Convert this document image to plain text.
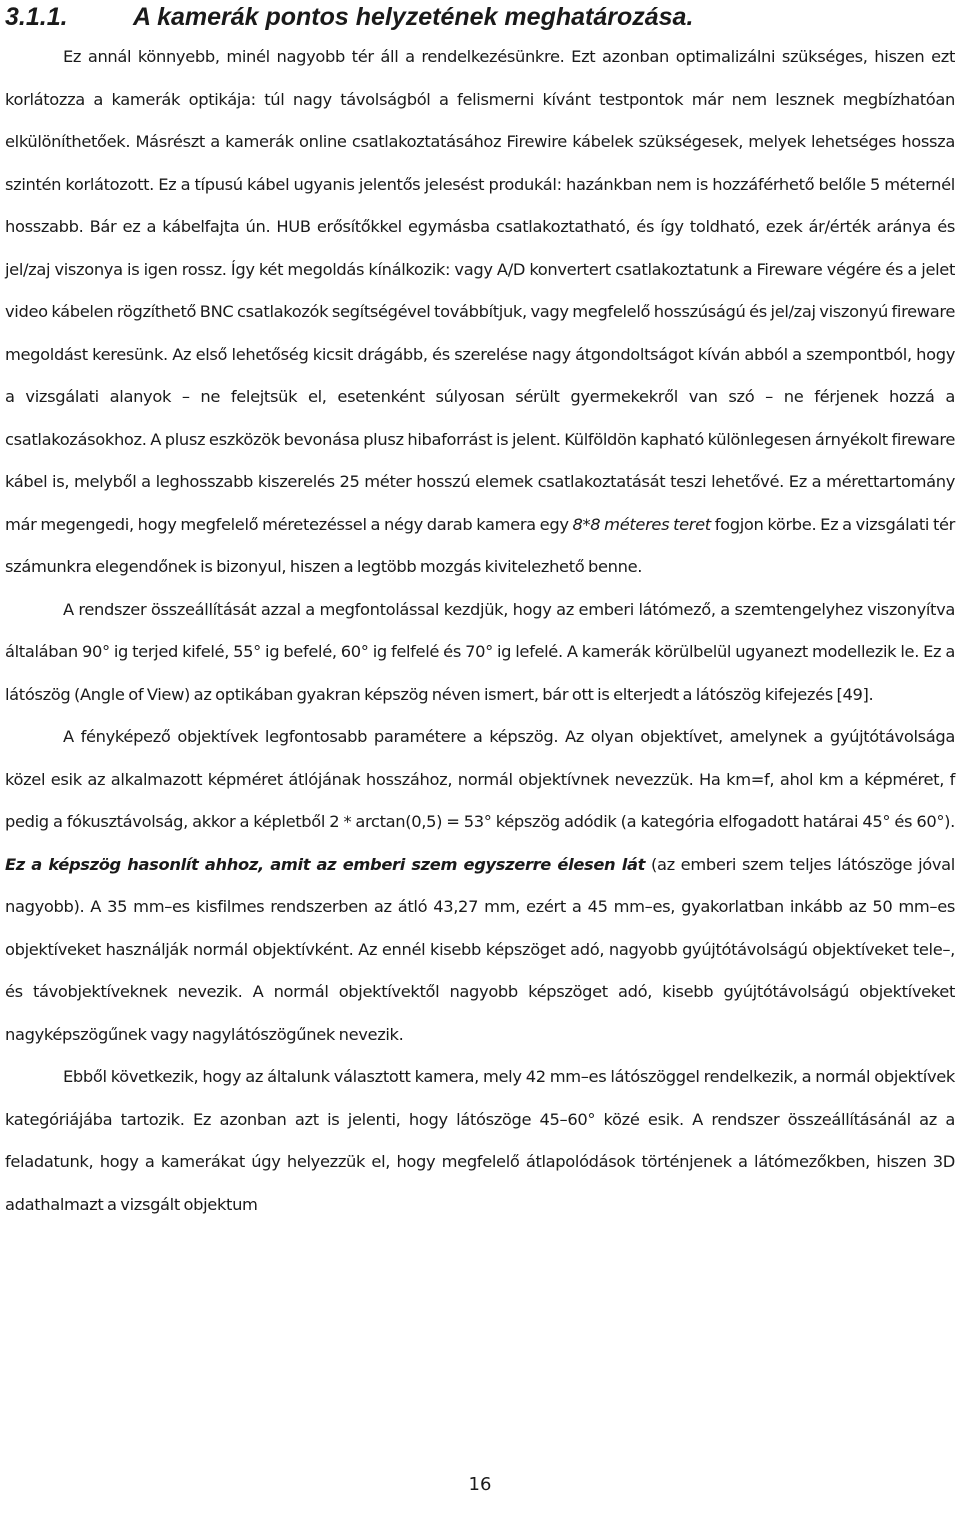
3.1.1.	A kamerák pontos helyzetének meghatározása.

Ez annál könnyebb, minél nagyobb tér áll a rendelkezésünkre. Ezt azonban optimalizálni szükséges, hiszen ezt korlátozza a kamerák optikája: túl nagy távolságból a felismerni kívánt testpontok már nem lesznek megbízhatóan elkülöníthetőek. Másrészt a kamerák online csatlakoztatásához Firewire kábelek szükségesek, melyek lehetséges hossza szintén korlátozott. Ez a típusú kábel ugyanis jelentős jelesést produkál: hazánkban nem is hozzáférhető belőle 5 méternél hosszabb. Bár ez a kábelfajta ún. HUB erősítőkkel egymásba csatlakoztatható, és így toldható, ezek ár/érték aránya és jel/zaj viszonya is igen rossz. Így két megoldás kínálkozik: vagy A/D konvertert csatlakoztatunk a Fireware végére és a jelet video kábelen rögzíthető BNC csatlakozók segítségével továbbítjuk, vagy megfelelő hosszúságú és jel/zaj viszonyú fireware megoldást keresünk. Az első lehetőség kicsit drágább, és szerelése nagy átgondoltságot kíván abból a szempontból, hogy a vizsgálati alanyok – ne felejtsük el, esetenként súlyosan sérült gyermekekről van szó – ne férjenek hozzá a csatlakozásokhoz. A plusz eszközök bevonása plusz hibaforrást is jelent. Külföldön kapható különlegesen árnyékolt fireware kábel is, melyből a leghosszabb kiszerelés 25 méter hosszú elemek csatlakoztatását teszi lehetővé. Ez a mérettartomány már megengedi, hogy megfelelő méretezéssel a négy darab kamera egy 8*8 méteres teret fogjon körbe. Ez a vizsgálati tér számunkra elegendőnek is bizonyul, hiszen a legtöbb mozgás kivitelezhető benne.

A rendszer összeállítását azzal a megfontolással kezdjük, hogy az emberi látómező, a szemtengelyhez viszonyítva általában 90° ig terjed kifelé, 55° ig befelé, 60° ig felfelé és 70° ig lefelé. A kamerák körülbelül ugyanezt modellezik le. Ez a látószög (Angle of View) az optikában gyakran képszög néven ismert, bár ott is elterjedt a látószög kifejezés [49].

A fényképező objektívek legfontosabb paramétere a képszög. Az olyan objektívet, amelynek a gyújtótávolsága közel esik az alkalmazott képméret átlójának hosszához, normál objektívnek nevezzük. Ha km=f, ahol km a képméret, f pedig a fókusztávolság, akkor a képletből 2 * arctan(0,5) = 53° képszög adódik (a kategória elfogadott határai 45° és 60°). Ez a képszög hasonlít ahhoz, amit az emberi szem egyszerre élesen lát (az emberi szem teljes látószöge jóval nagyobb). A 35 mm–es kisfilmes rendszerben az átló 43,27 mm, ezért a 45 mm–es, gyakorlatban inkább az 50 mm–es objektíveket használják normál objektívként. Az ennél kisebb képszöget adó, nagyobb gyújtótávolságú objektíveket tele–, és távobjektíveknek nevezik. A normál objektívektől nagyobb képszöget adó, kisebb gyújtótávolságú objektíveket nagyképszögűnek vagy nagylátószögűnek nevezik.

Ebből következik, hogy az általunk választott kamera, mely 42 mm–es látószöggel rendelkezik, a normál objektívek kategóriájába tartozik. Ez azonban azt is jelenti, hogy látószöge 45–60° közé esik. A rendszer összeállításánál az a feladatunk, hogy a kamerákat úgy helyezzük el, hogy megfelelő átlapolódások történjenek a látómezőkben, hiszen 3D adathalmazt a vizsgált objektum

16
